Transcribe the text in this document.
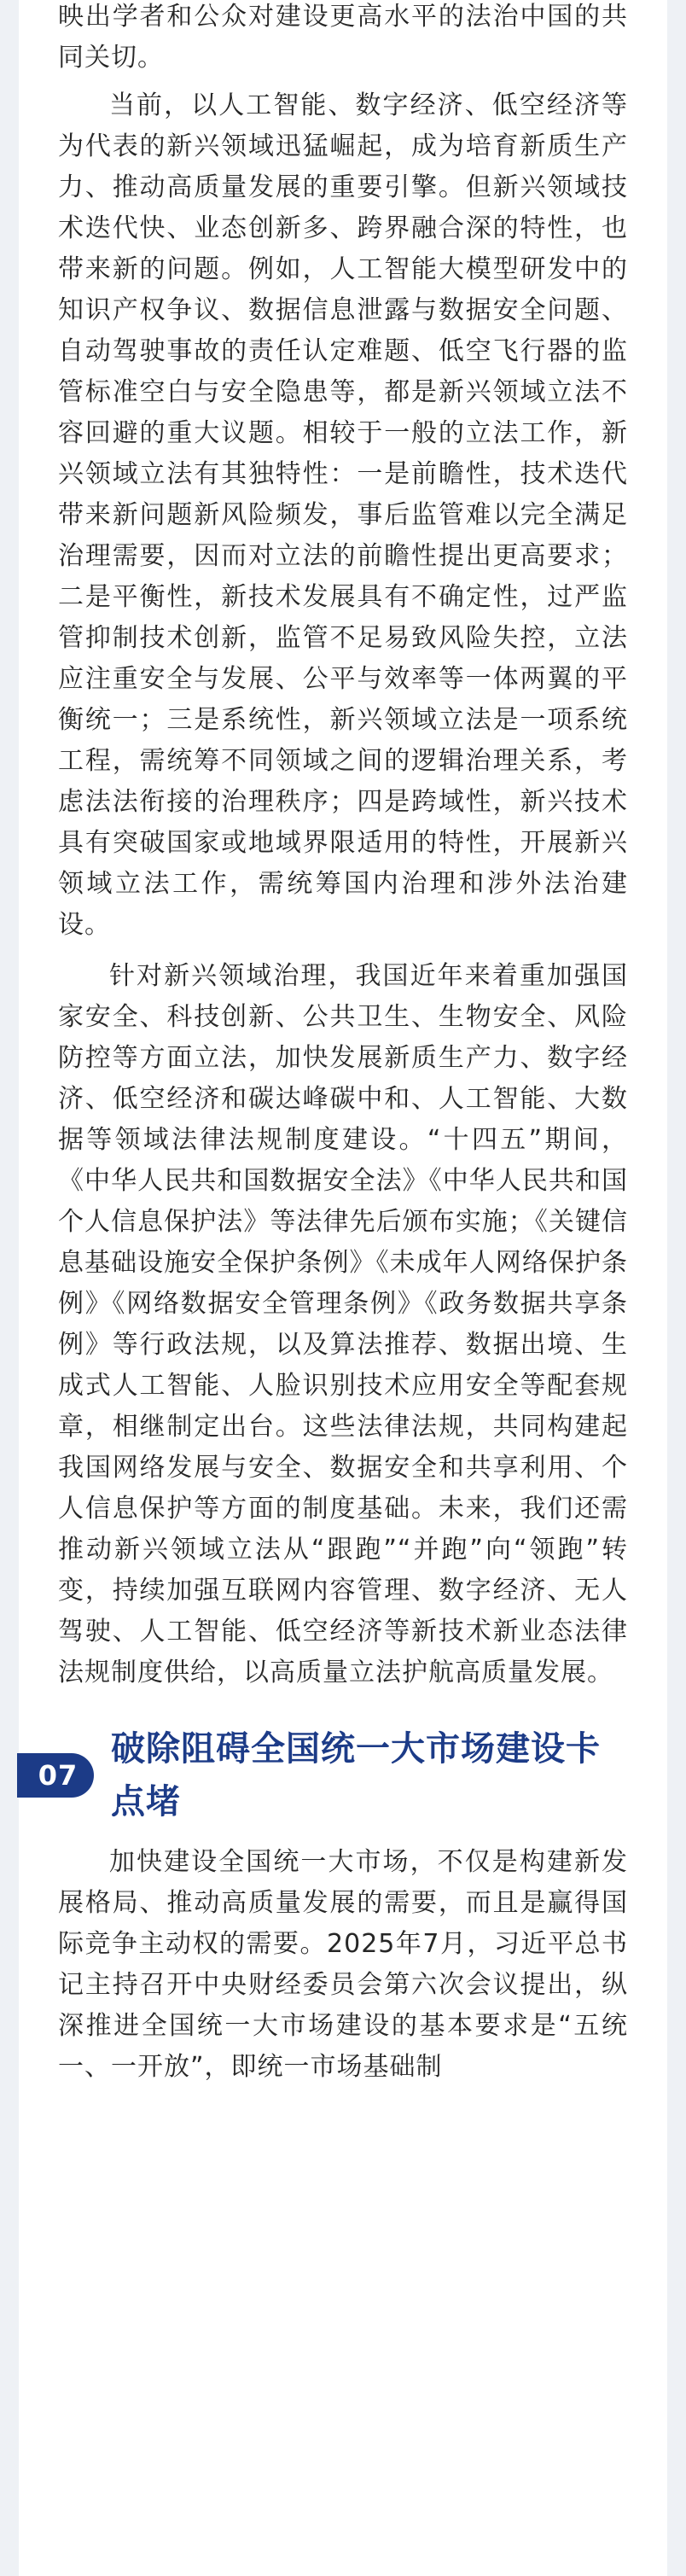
映出学者和公众对建设更高水平的法治中国的共同关切。

当前，以人工智能、数字经济、低空经济等为代表的新兴领域迅猛崛起，成为培育新质生产力、推动高质量发展的重要引擎。但新兴领域技术迭代快、业态创新多、跨界融合深的特性，也带来新的问题。例如，人工智能大模型研发中的知识产权争议、数据信息泄露与数据安全问题、自动驾驶事故的责任认定难题、低空飞行器的监管标准空白与安全隐患等，都是新兴领域立法不容回避的重大议题。相较于一般的立法工作，新兴领域立法有其独特性：一是前瞻性，技术迭代带来新问题新风险频发，事后监管难以完全满足治理需要，因而对立法的前瞻性提出更高要求；二是平衡性，新技术发展具有不确定性，过严监管抑制技术创新，监管不足易致风险失控，立法应注重安全与发展、公平与效率等一体两翼的平衡统一；三是系统性，新兴领域立法是一项系统工程，需统筹不同领域之间的逻辑治理关系，考虑法法衔接的治理秩序；四是跨域性，新兴技术具有突破国家或地域界限适用的特性，开展新兴领域立法工作，需统筹国内治理和涉外法治建设。

针对新兴领域治理，我国近年来着重加强国家安全、科技创新、公共卫生、生物安全、风险防控等方面立法，加快发展新质生产力、数字经济、低空经济和碳达峰碳中和、人工智能、大数据等领域法律法规制度建设。“十四五”期间，《中华人民共和国数据安全法》《中华人民共和国个人信息保护法》等法律先后颁布实施；《关键信息基础设施安全保护条例》《未成年人网络保护条例》《网络数据安全管理条例》《政务数据共享条例》等行政法规，以及算法推荐、数据出境、生成式人工智能、人脸识别技术应用安全等配套规章，相继制定出台。这些法律法规，共同构建起我国网络发展与安全、数据安全和共享利用、个人信息保护等方面的制度基础。未来，我们还需推动新兴领域立法从“跟跑”“并跑”向“领跑”转变，持续加强互联网内容管理、数字经济、无人驾驶、人工智能、低空经济等新技术新业态法律法规制度供给，以高质量立法护航高质量发展。

07
破除阻碍全国统一大市场建设卡点堵

加快建设全国统一大市场，不仅是构建新发展格局、推动高质量发展的需要，而且是赢得国际竞争主动权的需要。2025年7月，习近平总书记主持召开中央财经委员会第六次会议提出，纵深推进全国统一大市场建设的基本要求是“五统一、一开放”，即统一市场基础制
